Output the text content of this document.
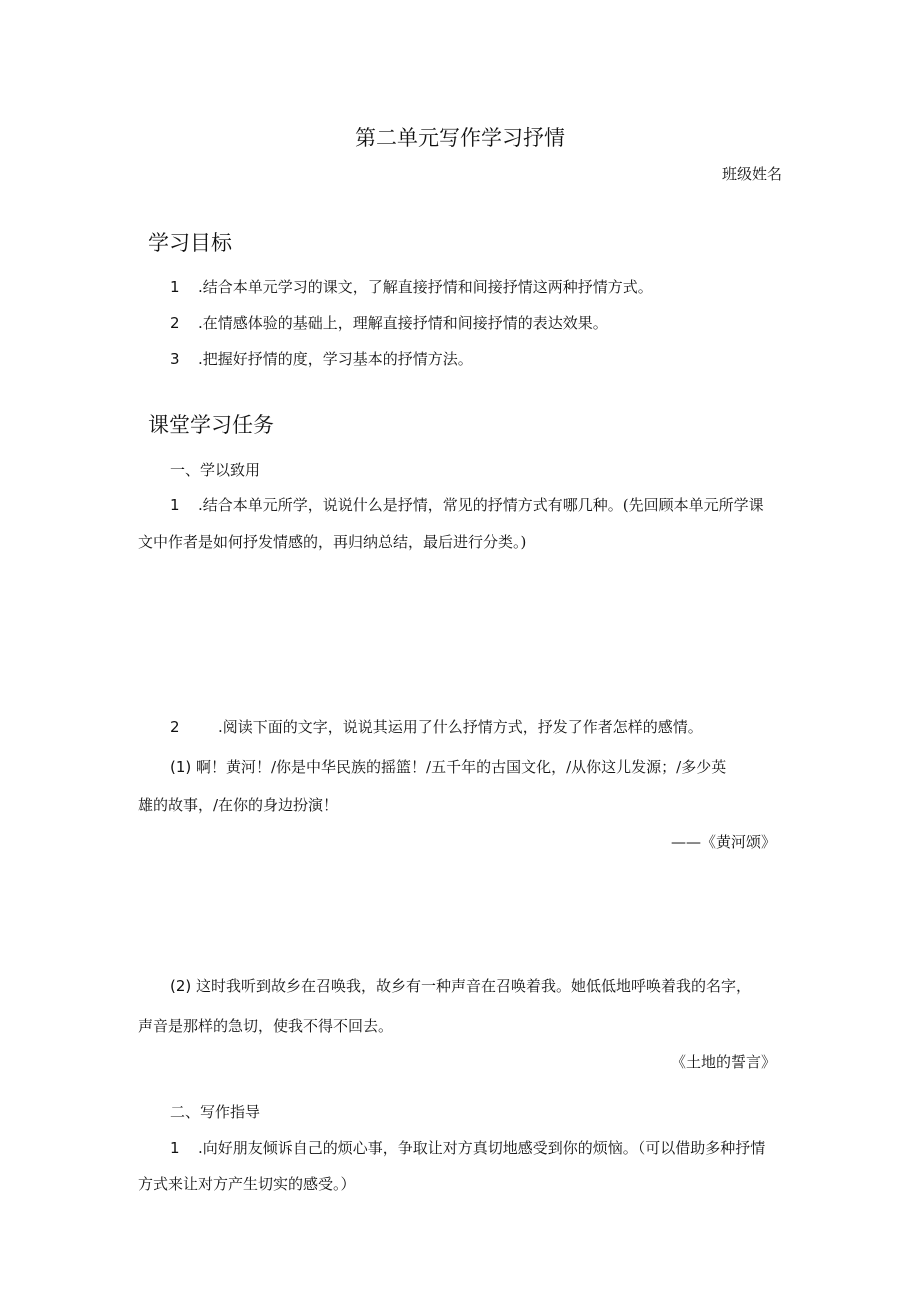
第二单元写作学习抒情
班级姓名
学习目标
1 .结合本单元学习的课文，了解直接抒情和间接抒情这两种抒情方式。
2 .在情感体验的基础上，理解直接抒情和间接抒情的表达效果。
3 .把握好抒情的度，学习基本的抒情方法。
课堂学习任务
一、学以致用
1 .结合本单元所学，说说什么是抒情，常见的抒情方式有哪几种。(先回顾本单元所学课
文中作者是如何抒发情感的，再归纳总结，最后进行分类。)
2	.阅读下面的文字，说说其运用了什么抒情方式，抒发了作者怎样的感情。
(1) 啊！黄河！/你是中华民族的摇篮！/五千年的古国文化，/从你这儿发源；/多少英
雄的故事，/在你的身边扮演！
——《黄河颂》
(2) 这时我听到故乡在召唤我，故乡有一种声音在召唤着我。她低低地呼唤着我的名字，
声音是那样的急切，使我不得不回去。
《土地的誓言》
二、写作指导
1 .向好朋友倾诉自己的烦心事，争取让对方真切地感受到你的烦恼。（可以借助多种抒情
方式来让对方产生切实的感受。）
